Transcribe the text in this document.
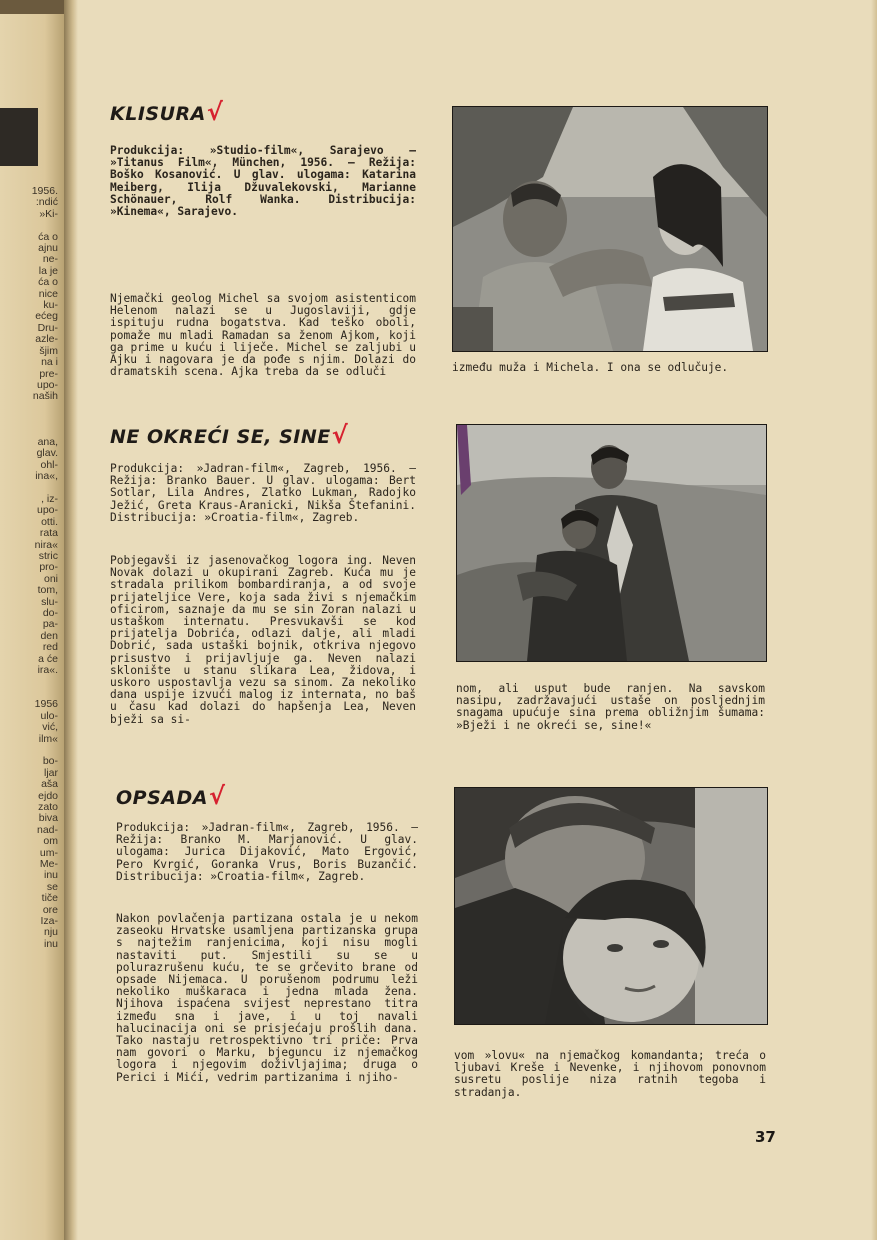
1956.
:ndić
»Ki-

ća o
ajnu
ne-
la je
ća o
nice
ku-
ećeg
Dru-
azle-
šjim
na i
pre-
upo-
naših

ana,
glav.
ohl-
ina«,

, iz-
upo-
otti.
rata
nira«
stric
pro-
oni
tom,
slu-
do-
pa-
den
red
a će
ira«.

1956
ulo-
vić,
ilm«

bo-
ljar
aša
ejdo
zato
biva
nad-
om
um-
Me-
inu
se
tiče
ore
Iza-
nju
inu
KLISURA√
Produkcija: »Studio-film«, Sarajevo — »Titanus Film«, München, 1956. — Režija: Boško Kosanović. U glav. ulogama: Katarina Meiberg, Ilija Džuvalekovski, Marianne Schönauer, Rolf Wanka. Distribucija: »Kinema«, Sarajevo.
Njemački geolog Michel sa svojom asistenticom Helenom nalazi se u Jugoslaviji, gdje ispituju rudna bogatstva. Kad teško oboli, pomaže mu mladi Ramadan sa ženom Ajkom, koji ga prime u kuću i liječe. Michel se zaljubi u Ajku i nagovara je da pođe s njim. Dolazi do dramatskih scena. Ajka treba da se odluči	između muža i Michela. I ona se odlučuje.
NE OKREĆI SE, SINE√
Produkcija: »Jadran-film«, Zagreb, 1956. — Režija: Branko Bauer. U glav. ulogama: Bert Sotlar, Lila Andres, Zlatko Lukman, Radojko Ježić, Greta Kraus-Aranicki, Nikša Štefanini. Distribucija: »Croatia-film«, Zagreb.
Pobjegavši iz jasenovačkog logora ing. Neven Novak dolazi u okupirani Zagreb. Kuća mu je stradala prilikom bombardiranja, a od svoje prijateljice Vere, koja sada živi s njemačkim oficirom, saznaje da mu se sin Zoran nalazi u ustaškom internatu. Presvukavši se kod prijatelja Dobrića, odlazi dalje, ali mladi Dobrić, sada ustaški bojnik, otkriva njegovo prisustvo i prijavljuje ga. Neven nalazi sklonište u stanu slikara Lea, židova, i uskoro uspostavlja vezu sa sinom. Za nekoliko dana uspije izvući malog iz internata, no baš u času kad dolazi do hapšenja Lea, Neven bježi sa si-
nom, ali usput bude ranjen. Na savskom nasipu, zadržavajući ustaše on posljednjim snagama upućuje sina prema obližnjim šumama: »Bježi i ne okreći se, sine!«
OPSADA√
Produkcija: »Jadran-film«, Zagreb, 1956. — Režija: Branko M. Marjanović. U glav. ulogama: Jurica Dijaković, Mato Ergović, Pero Kvrgić, Goranka Vrus, Boris Buzančić. Distribucija: »Croatia-film«, Zagreb.
Nakon povlačenja partizana ostala je u nekom zaseoku Hrvatske usamljena partizanska grupa s najtežim ranjenicima, koji nisu mogli nastaviti put. Smjestili su se u polurazrušenu kuću, te se grčevito brane od opsade Nijemaca. U porušenom podrumu leži nekoliko muškaraca i jedna mlada žena. Njihova ispaćena svijest neprestano titra između sna i jave, i u toj navali halucinacija oni se prisjećaju prošlih dana. Tako nastaju retrospektivno tri priče: Prva nam govori o Marku, bjeguncu iz njemačkog logora i njegovim doživljajima; druga o Perici i Mići, vedrim partizanima i njiho-
vom »lovu« na njemačkog komandanta; treća o ljubavi Kreše i Nevenke, i njihovom ponovnom susretu poslije niza ratnih tegoba i stradanja.
37
